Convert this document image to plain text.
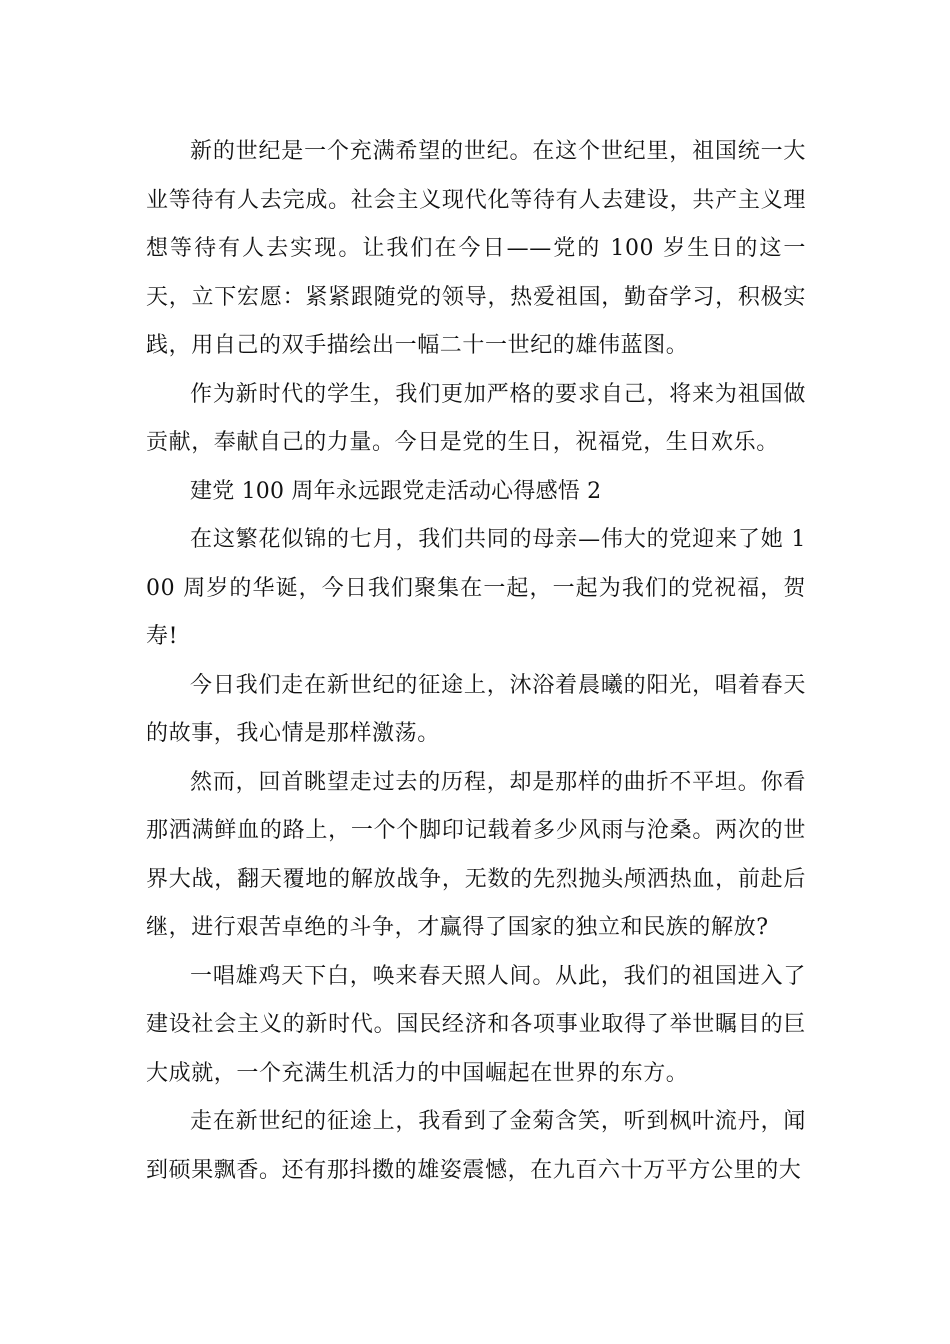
新的世纪是一个充满希望的世纪。在这个世纪里，祖国统一大业等待有人去完成。社会主义现代化等待有人去建设，共产主义理想等待有人去实现。让我们在今日——党的 100 岁生日的这一天，立下宏愿：紧紧跟随党的领导，热爱祖国，勤奋学习，积极实践，用自己的双手描绘出一幅二十一世纪的雄伟蓝图。

作为新时代的学生，我们更加严格的要求自己，将来为祖国做贡献，奉献自己的力量。今日是党的生日，祝福党，生日欢乐。

建党 100 周年永远跟党走活动心得感悟 2

在这繁花似锦的七月，我们共同的母亲—伟大的党迎来了她 100 周岁的华诞，今日我们聚集在一起，一起为我们的党祝福，贺寿!

今日我们走在新世纪的征途上，沐浴着晨曦的阳光，唱着春天的故事，我心情是那样激荡。

然而，回首眺望走过去的历程，却是那样的曲折不平坦。你看那洒满鲜血的路上，一个个脚印记载着多少风雨与沧桑。两次的世界大战，翻天覆地的解放战争，无数的先烈抛头颅洒热血，前赴后继，进行艰苦卓绝的斗争，才赢得了国家的独立和民族的解放?

一唱雄鸡天下白，唤来春天照人间。从此，我们的祖国进入了建设社会主义的新时代。国民经济和各项事业取得了举世瞩目的巨大成就，一个充满生机活力的中国崛起在世界的东方。

走在新世纪的征途上，我看到了金菊含笑，听到枫叶流丹，闻到硕果飘香。还有那抖擞的雄姿震憾，在九百六十万平方公里的大
